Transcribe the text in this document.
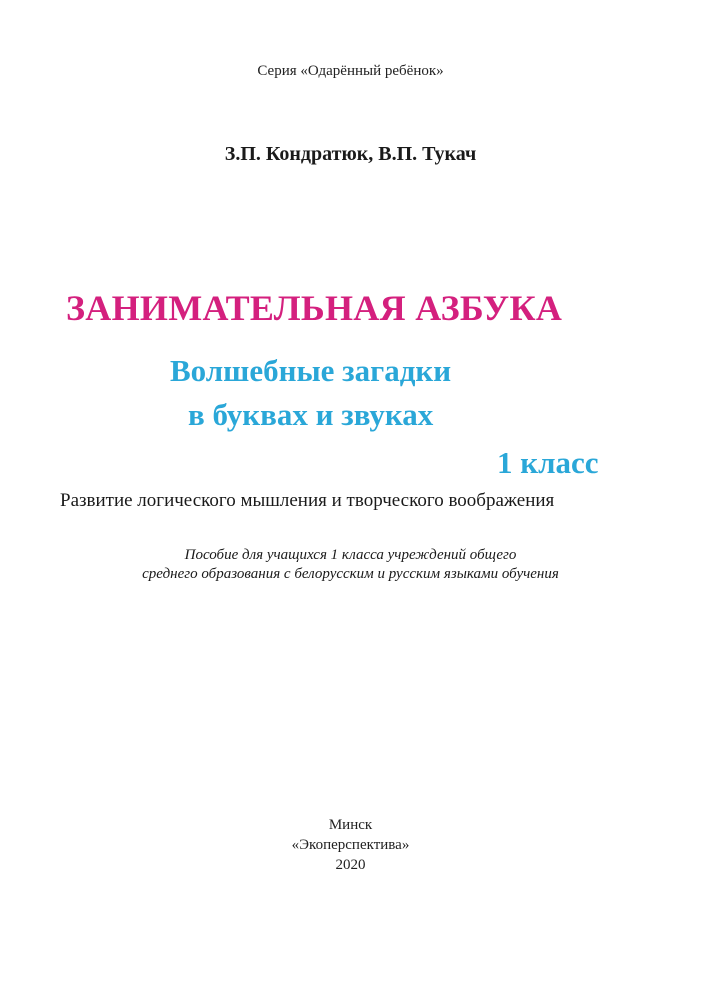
Серия «Одарённый ребёнок»
З.П. Кондратюк, В.П. Тукач
ЗАНИМАТЕЛЬНАЯ АЗБУКА
Волшебные загадки
в буквах и звуках
1 класс
Развитие логического мышления и творческого воображения
Пособие для учащихся 1 класса учреждений общего
среднего образования с белорусским и русским языками обучения
Минск
«Экоперспектива»
2020
